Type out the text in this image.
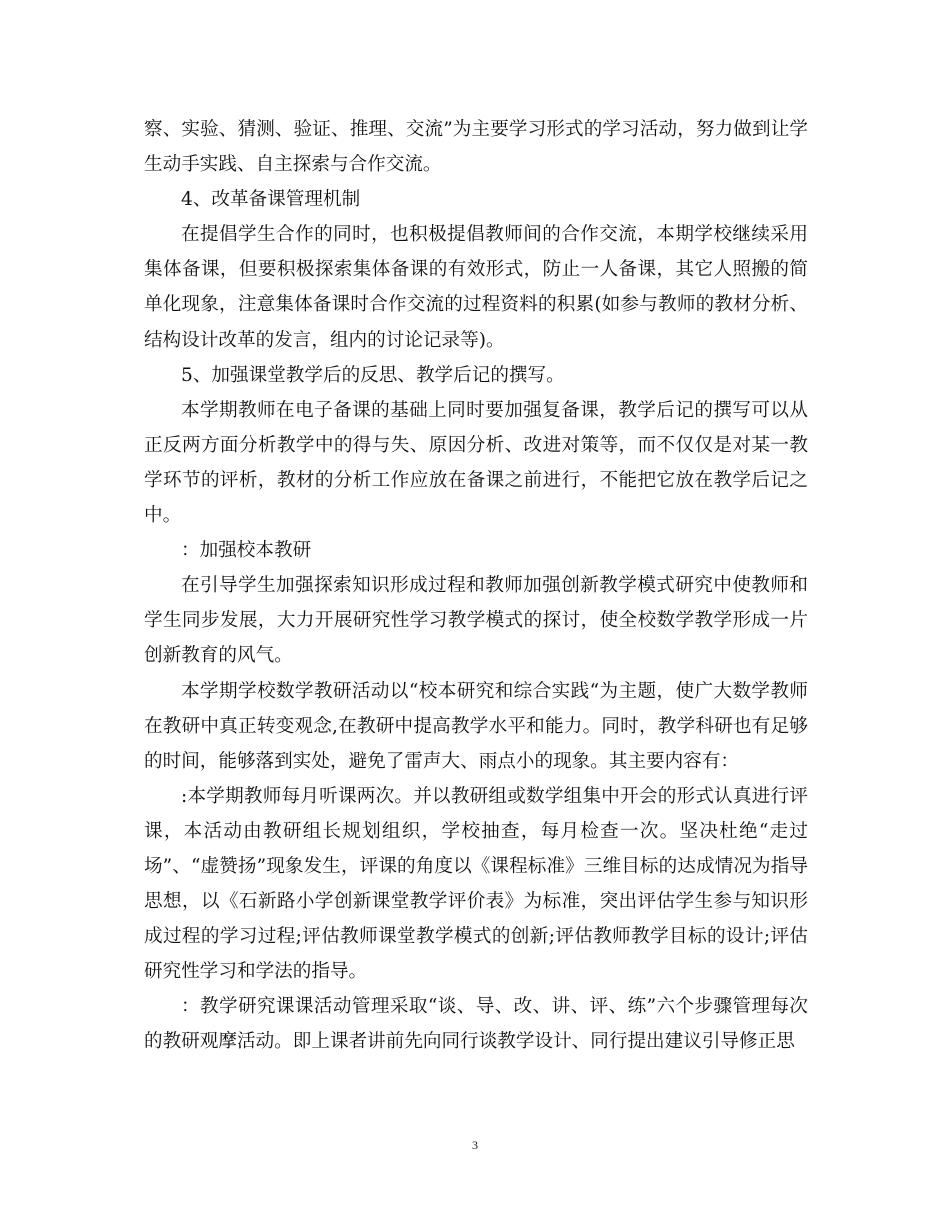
察、实验、猜测、验证、推理、交流”为主要学习形式的学习活动，努力做到让学生动手实践、自主探索与合作交流。

4、改革备课管理机制

在提倡学生合作的同时，也积极提倡教师间的合作交流，本期学校继续采用集体备课，但要积极探索集体备课的有效形式，防止一人备课，其它人照搬的简单化现象，注意集体备课时合作交流的过程资料的积累(如参与教师的教材分析、结构设计改革的发言，组内的讨论记录等)。

5、加强课堂教学后的反思、教学后记的撰写。

本学期教师在电子备课的基础上同时要加强复备课，教学后记的撰写可以从正反两方面分析教学中的得与失、原因分析、改进对策等，而不仅仅是对某一教学环节的评析，教材的分析工作应放在备课之前进行，不能把它放在教学后记之中。

：加强校本教研

在引导学生加强探索知识形成过程和教师加强创新教学模式研究中使教师和学生同步发展，大力开展研究性学习教学模式的探讨，使全校数学教学形成一片创新教育的风气。

本学期学校数学教研活动以“校本研究和综合实践“为主题，使广大数学教师在教研中真正转变观念,在教研中提高教学水平和能力。同时，教学科研也有足够的时间，能够落到实处，避免了雷声大、雨点小的现象。其主要内容有：

:本学期教师每月听课两次。并以教研组或数学组集中开会的形式认真进行评课，本活动由教研组长规划组织，学校抽查，每月检查一次。坚决杜绝“走过场”、“虚赞扬”现象发生，评课的角度以《课程标准》三维目标的达成情况为指导思想，以《石新路小学创新课堂教学评价表》为标准，突出评估学生参与知识形成过程的学习过程;评估教师课堂教学模式的创新;评估教师教学目标的设计;评估研究性学习和学法的指导。

：教学研究课课活动管理采取“谈、导、改、讲、评、练”六个步骤管理每次的教研观摩活动。即上课者讲前先向同行谈教学设计、同行提出建议引导修正思

3
